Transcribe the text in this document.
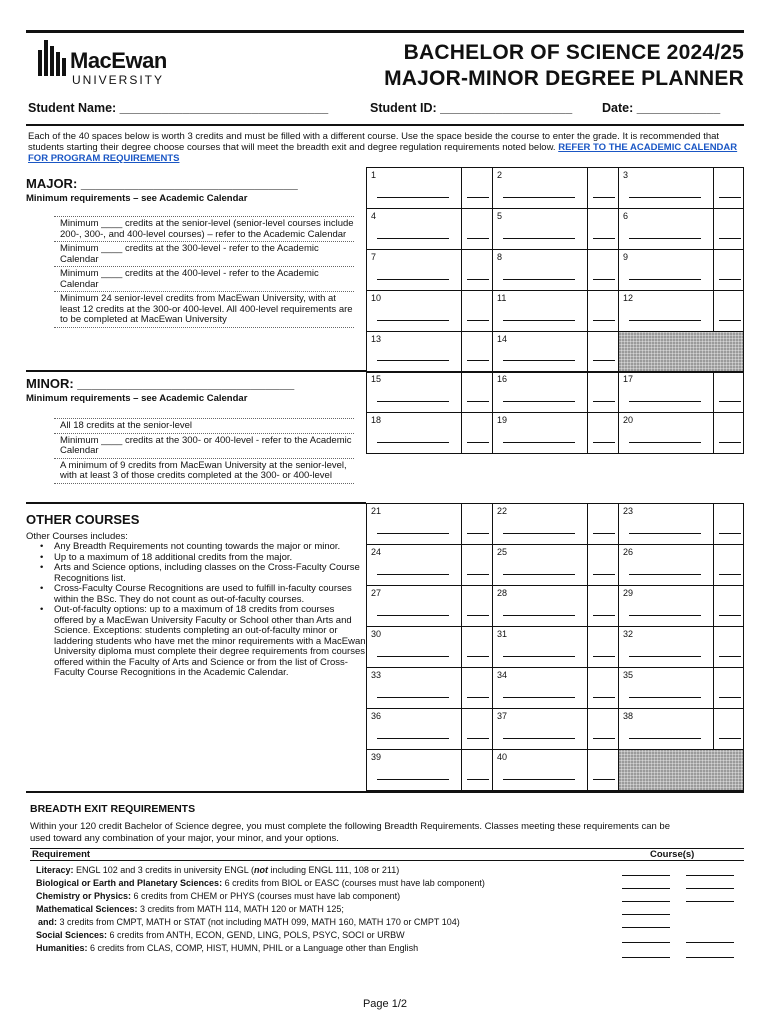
MacEwan
UNIVERSITY
BACHELOR OF SCIENCE 2024/25
MAJOR-MINOR DEGREE PLANNER
Student Name: ______________________________	Student ID: ___________________ Date: ____________
Each of the 40 spaces below is worth 3 credits and must be filled with a different course. Use the space beside the course to enter the grade. It is recommended that students starting their degree choose courses that will meet the breadth exit and degree regulation requirements noted below. REFER TO THE ACADEMIC CALENDAR FOR PROGRAM REQUIREMENTS
MAJOR: ______________________________
Minimum requirements – see Academic Calendar
Minimum ____ credits at the senior-level (senior-level courses include 200-, 300-, and 400-level courses) – refer to the Academic Calendar
Minimum ____ credits at the 300-level - refer to the Academic Calendar
Minimum ____ credits at the 400-level - refer to the Academic Calendar
Minimum 24 senior-level credits from MacEwan University, with at least 12 credits at the 300-or 400-level. All 400-level requirements are to be completed at MacEwan University
MINOR: ______________________________
Minimum requirements – see Academic Calendar
All 18 credits at the senior-level
Minimum ____ credits at the 300- or 400-level - refer to the Academic Calendar
A minimum of 9 credits from MacEwan University at the senior-level, with at least 3 of those credits completed at the 300- or 400-level
OTHER COURSES
Other Courses includes:
• Any Breadth Requirements not counting towards the major or minor.
• Up to a maximum of 18 additional credits from the major.
• Arts and Science options, including classes on the Cross-Faculty Course Recognitions list.
• Cross-Faculty Course Recognitions are used to fulfill in-faculty courses within the BSc. They do not count as out-of-faculty courses.
• Out-of-faculty options: up to a maximum of 18 credits from courses offered by a MacEwan University Faculty or School other than Arts and Science. Exceptions: students completing an out-of-faculty minor or laddering students who have met the minor requirements with a MacEwan University diploma must complete their degree requirements from courses offered within the Faculty of Arts and Science or from the list of Cross-Faculty Course Recognitions in the Academic Calendar.
1	2	3
4	5	6
7	8	9
10	11	12
13	14
15	16	17
18	19	20
21	22	23
24	25	26
27	28	29
30	31	32
33	34	35
36	37	38
39	40
BREADTH EXIT REQUIREMENTS
Within your 120 credit Bachelor of Science degree, you must complete the following Breadth Requirements. Classes meeting these requirements can be used toward any combination of your major, your minor, and your options.
Requirement	Course(s)
Literacy: ENGL 102 and 3 credits in university ENGL (not including ENGL 111, 108 or 211)
Biological or Earth and Planetary Sciences: 6 credits from BIOL or EASC (courses must have lab component)
Chemistry or Physics: 6 credits from CHEM or PHYS (courses must have lab component)
Mathematical Sciences: 3 credits from MATH 114, MATH 120 or MATH 125;
and: 3 credits from CMPT, MATH or STAT (not including MATH 099, MATH 160, MATH 170 or CMPT 104)
Social Sciences: 6 credits from ANTH, ECON, GEND, LING, POLS, PSYC, SOCI or URBW
Humanities: 6 credits from CLAS, COMP, HIST, HUMN, PHIL or a Language other than English
Page 1/2
